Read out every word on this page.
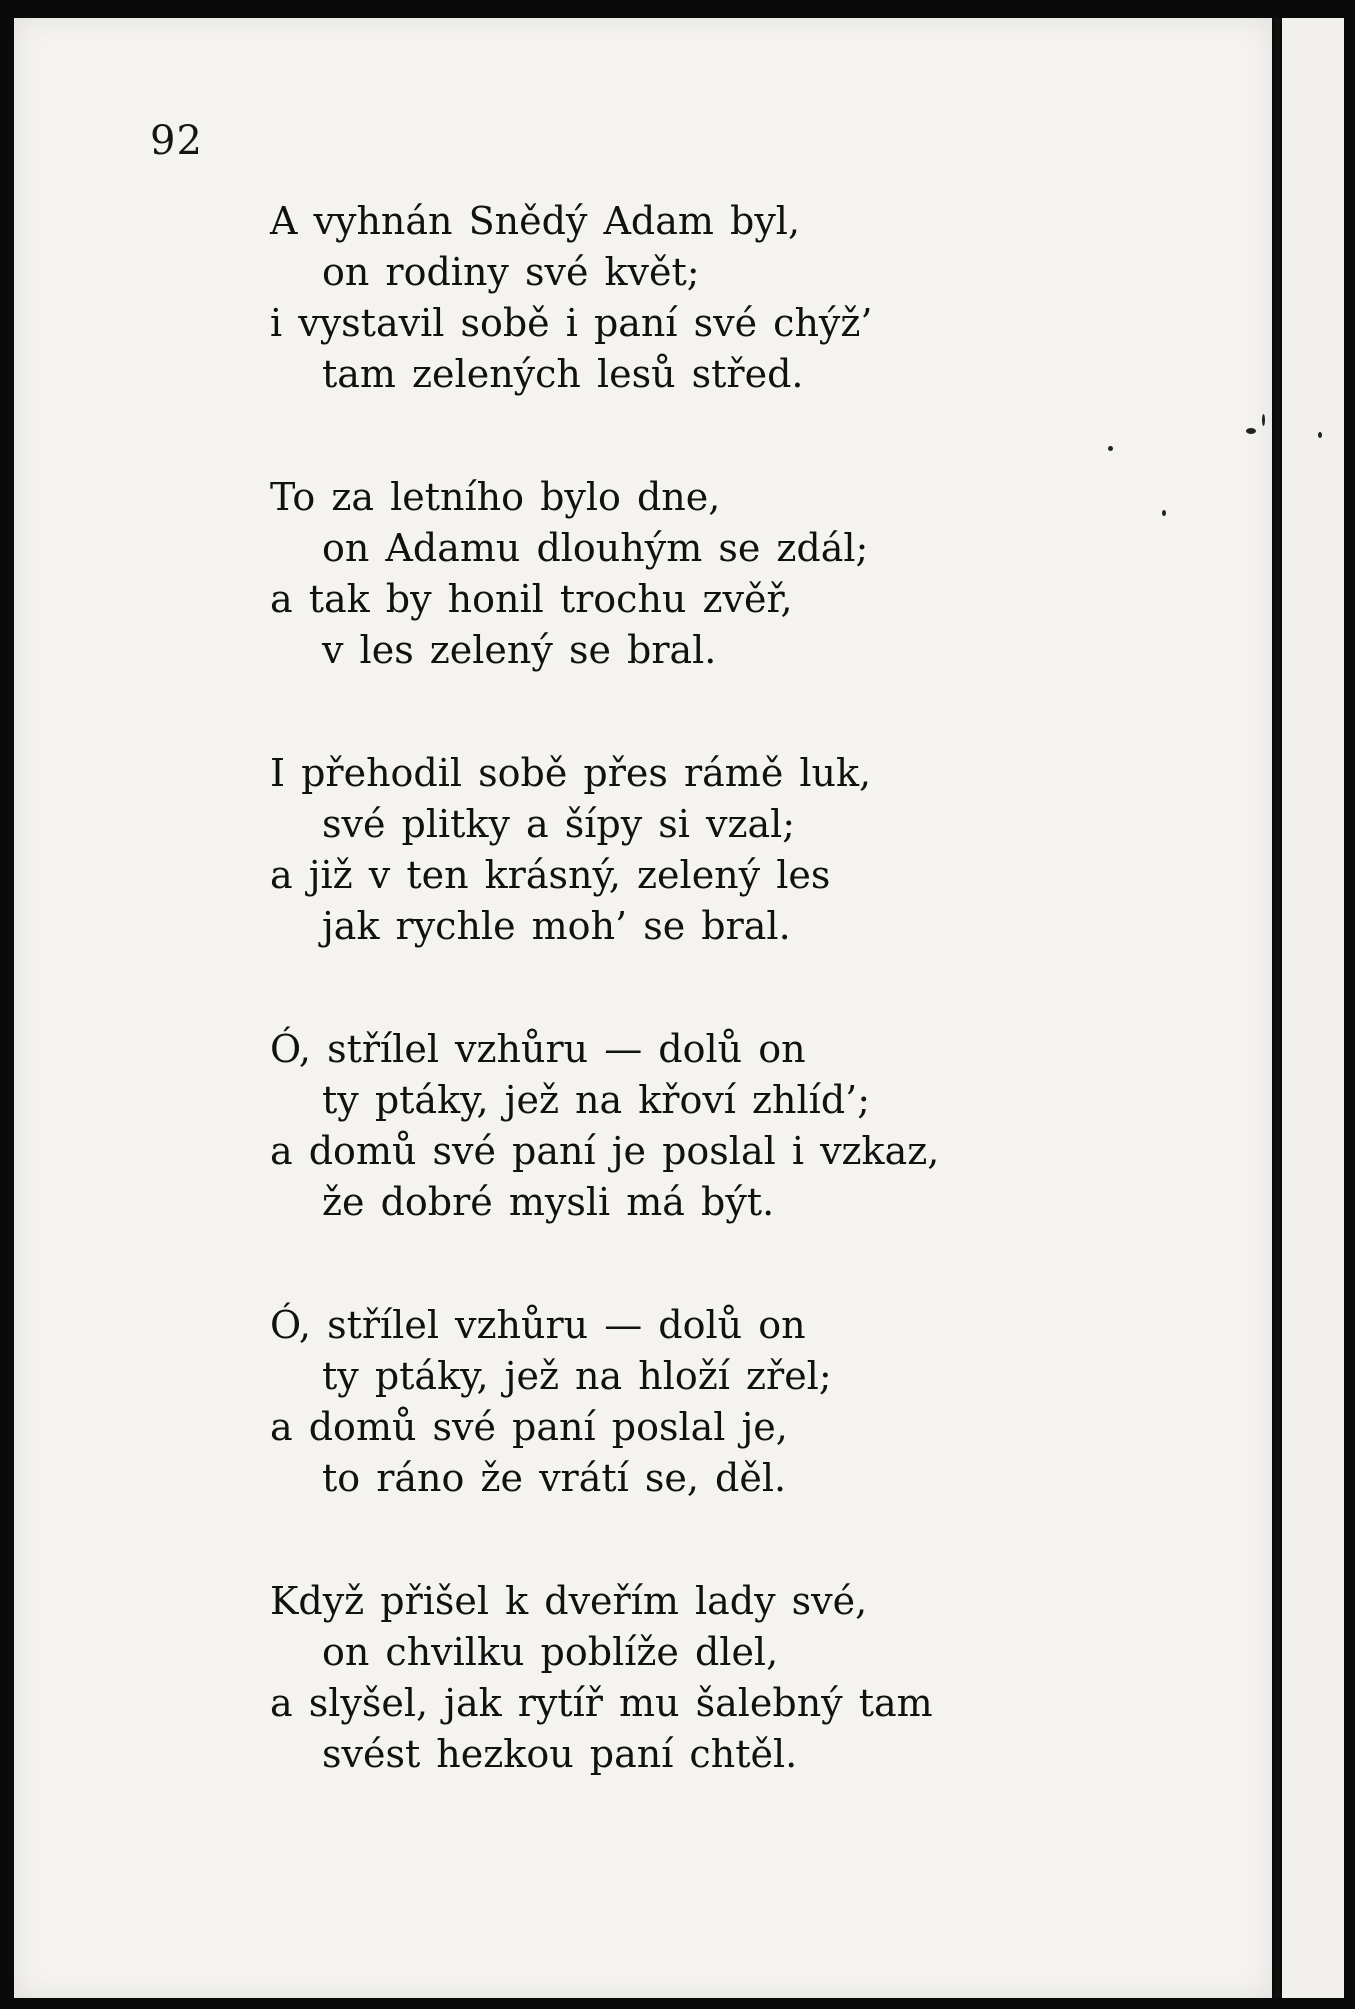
92
A vyhnán Snědý Adam byl,
on rodiny své květ;
i vystavil sobě i paní své chýž’
tam zelených lesů střed.
To za letního bylo dne,
on Adamu dlouhým se zdál;
a tak by honil trochu zvěř,
v les zelený se bral.
I přehodil sobě přes rámě luk,
své plitky a šípy si vzal;
a již v ten krásný, zelený les
jak rychle moh’ se bral.
Ó, střílel vzhůru — dolů on
ty ptáky, jež na křoví zhlíd’;
a domů své paní je poslal i vzkaz,
že dobré mysli má být.
Ó, střílel vzhůru — dolů on
ty ptáky, jež na hloží zřel;
a domů své paní poslal je,
to ráno že vrátí se, děl.
Když přišel k dveřím lady své,
on chvilku poblíže dlel,
a slyšel, jak rytíř mu šalebný tam
svést hezkou paní chtěl.
